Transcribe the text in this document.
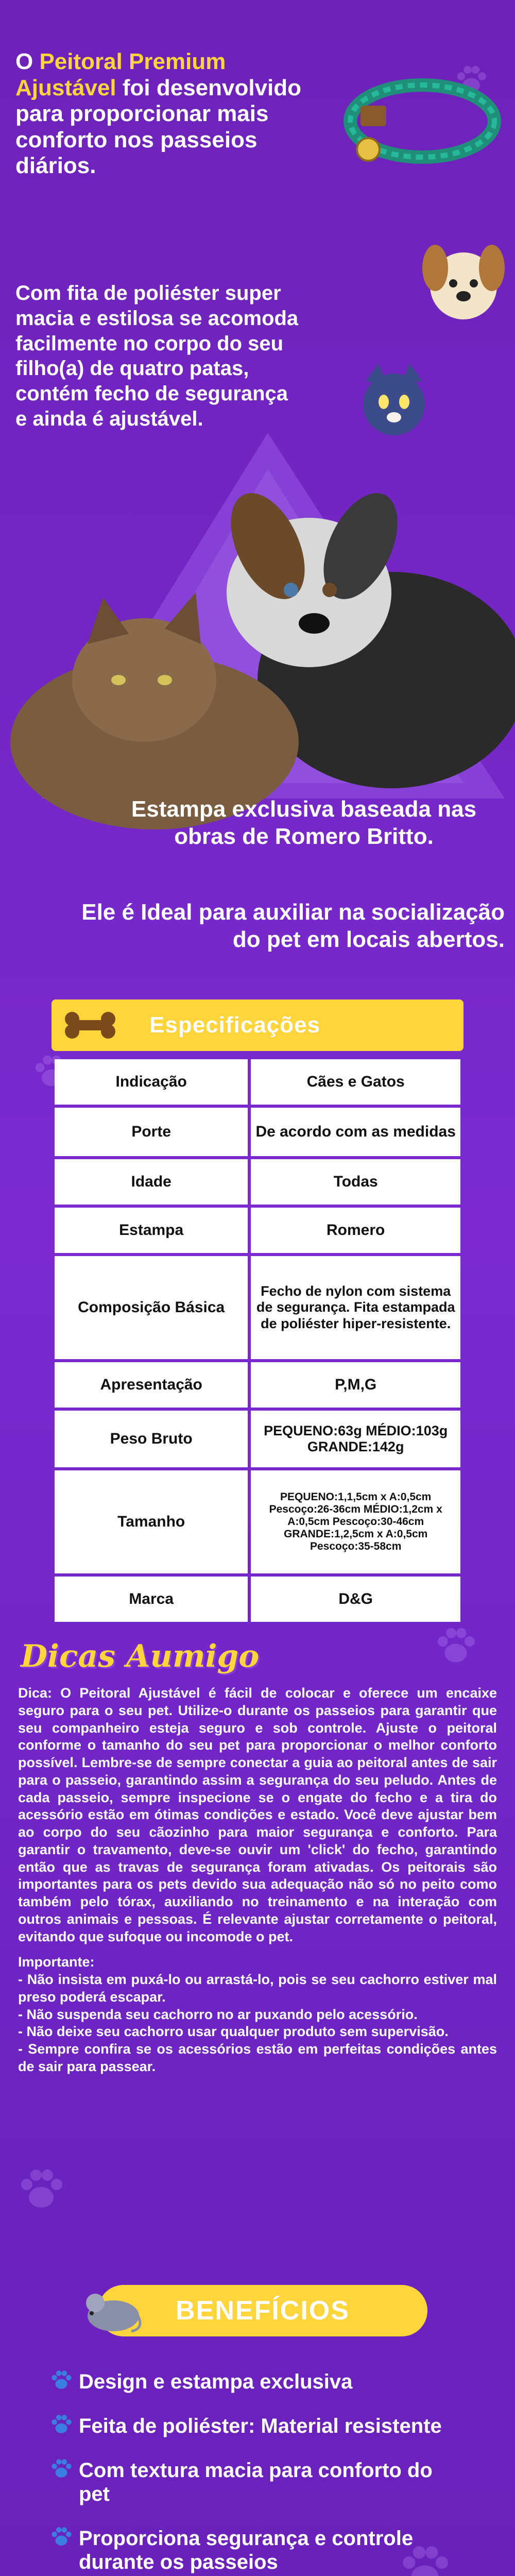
O Peitoral Premium Ajustável foi desenvolvido para proporcionar mais conforto nos passeios diários.
Com fita de poliéster super macia e estilosa se acomoda facilmente no corpo do seu filho(a) de quatro patas, contém fecho de segurança e ainda é ajustável.
Estampa exclusiva baseada nas obras de Romero Britto.
Ele é Ideal para auxiliar na socialização do pet em locais abertos.
Especificações
Indicação	Cães e Gatos
Porte	De acordo com as medidas
Idade	Todas
Estampa	Romero
Composição Básica	Fecho de nylon com sistema de segurança. Fita estampada de poliéster hiper-resistente.
Apresentação	P,M,G
Peso Bruto	PEQUENO:63g MÉDIO:103g GRANDE:142g
Tamanho	PEQUENO:1,1,5cm x A:0,5cm Pescoço:26-36cm MÉDIO:1,2cm x A:0,5cm Pescoço:30-46cm GRANDE:1,2,5cm x A:0,5cm Pescoço:35-58cm
Marca	D&G
Dicas Aumigo

Dica: O Peitoral Ajustável é fácil de colocar e oferece um encaixe seguro para o seu pet. Utilize-o durante os passeios para garantir que seu companheiro esteja seguro e sob controle. Ajuste o peitoral conforme o tamanho do seu pet para proporcionar o melhor conforto possível. Lembre-se de sempre conectar a guia ao peitoral antes de sair para o passeio, garantindo assim a segurança do seu peludo. Antes de cada passeio, sempre inspecione se o engate do fecho e a tira do acessório estão em ótimas condições e estado. Você deve ajustar bem ao corpo do seu cãozinho para maior segurança e conforto. Para garantir o travamento, deve-se ouvir um 'click' do fecho, garantindo então que as travas de segurança foram ativadas. Os peitorais são importantes para os pets devido sua adequação não só no peito como também pelo tórax, auxiliando no treinamento e na interação com outros animais e pessoas. É relevante ajustar corretamente o peitoral, evitando que sufoque ou incomode o pet.

Importante:

- Não insista em puxá-lo ou arrastá-lo, pois se seu cachorro estiver mal preso poderá escapar.

- Não suspenda seu cachorro no ar puxando pelo acessório.

- Não deixe seu cachorro usar qualquer produto sem supervisão.

- Sempre confira se os acessórios estão em perfeitas condições antes de sair para passear.

BENEFÍCIOS
Design e estampa exclusiva
Feita de poliéster: Material resistente
Com textura macia para conforto do pet
Proporciona segurança e controle durante os passeios
